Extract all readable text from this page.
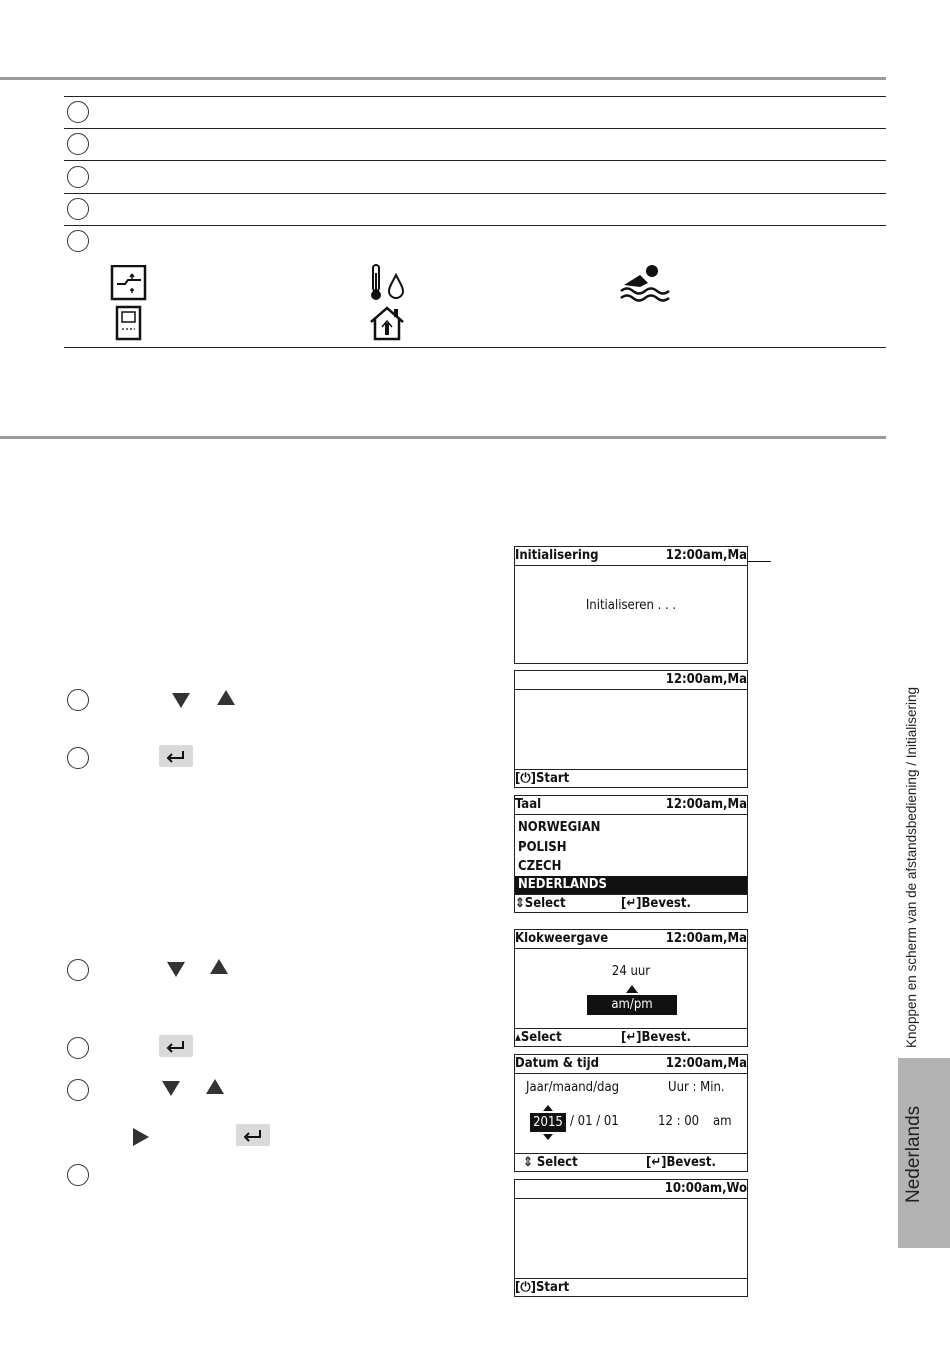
Initialisering	12:00am,Ma
Initialiseren . . .
12:00am,Ma
[⏻]Start
Taal	12:00am,Ma
NORWEGIAN
POLISH
CZECH
NEDERLANDS
⇕Select	[↵]Bevest.
Klokweergave	12:00am,Ma
24 uur
am/pm
▴Select	[↵]Bevest.
Datum & tijd	12:00am,Ma
Jaar/maand/dag	Uur : Min.
2015 / 01 / 01	12 : 00 am
⇕ Select	[↵]Bevest.
10:00am,Wo
[⏻]Start
Knoppen en scherm van de afstandsbediening / Initialisering
Nederlands
